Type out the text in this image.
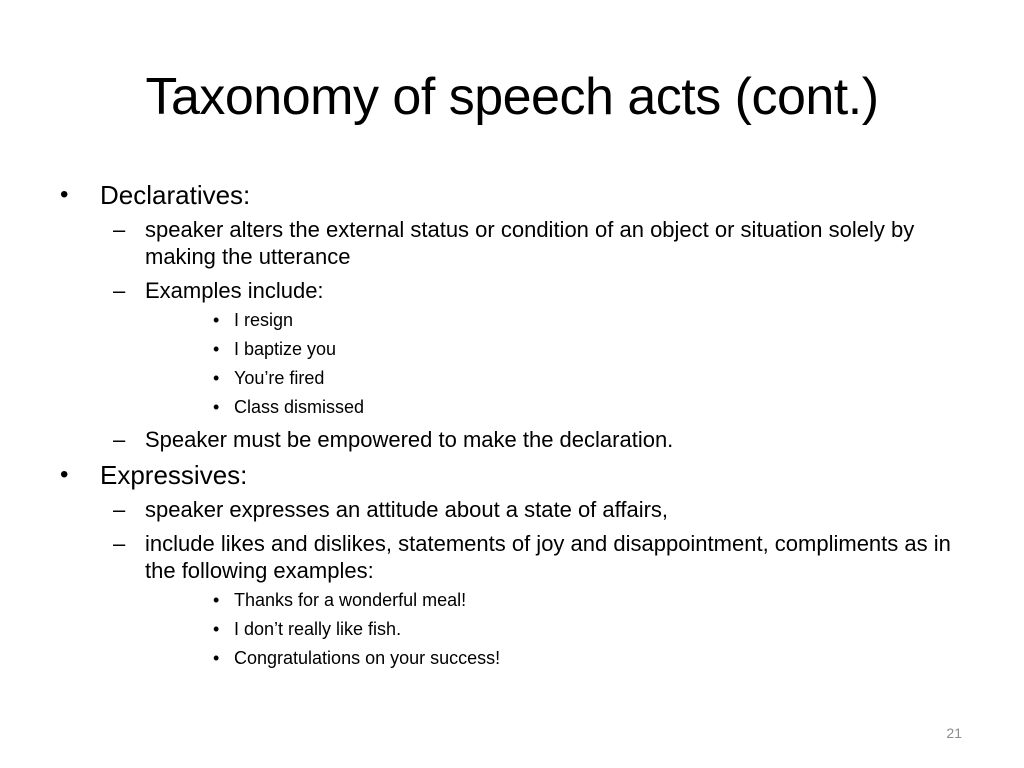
Taxonomy of speech acts (cont.)
• Declaratives:
– speaker alters the external status or condition of an object or situation solely by making the utterance
– Examples include:
• I resign
• I baptize you
• You’re fired
• Class dismissed
– Speaker must be empowered to make the declaration.
• Expressives:
– speaker expresses an attitude about a state of affairs,
– include likes and dislikes, statements of joy and disappointment, compliments as in the following examples:
• Thanks for a wonderful meal!
• I don’t really like fish.
• Congratulations on your success!
21
